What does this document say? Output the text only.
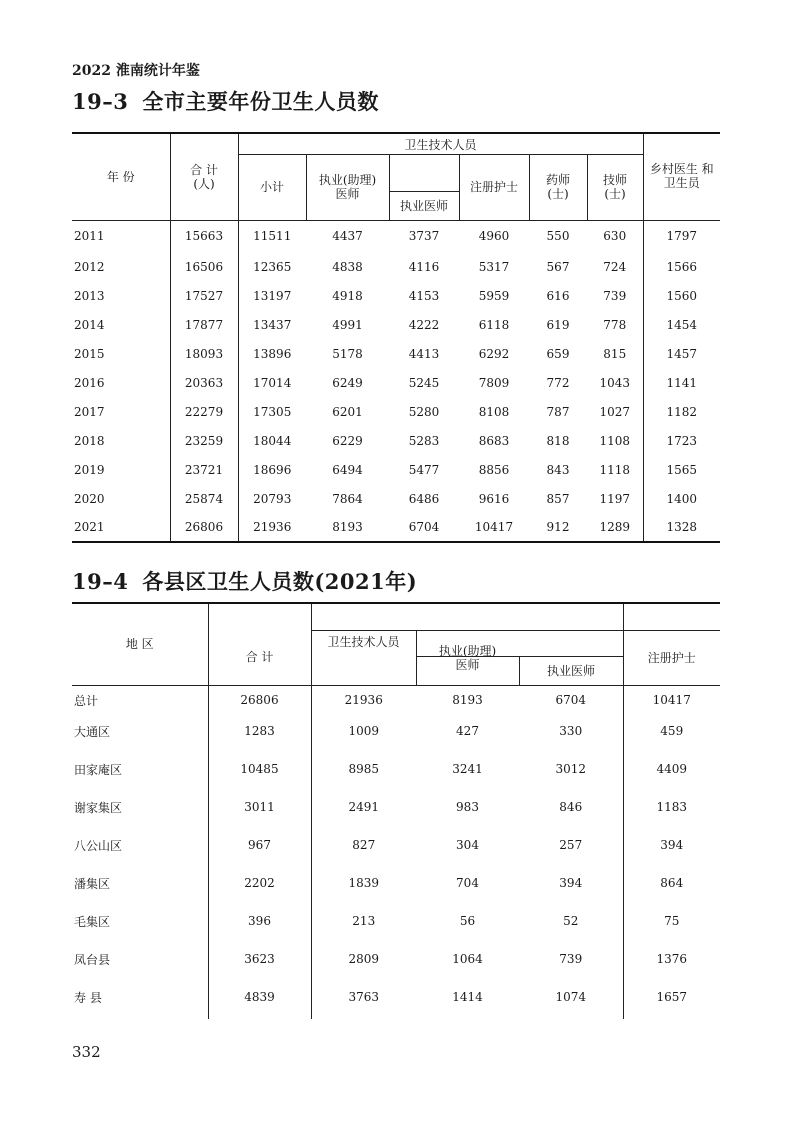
2022 淮南统计年鉴
19–3 全市主要年份卫生人员数
年 份	合 计
(人)	卫生技术人员						乡村医生 和
卫生员
		小计	执业(助理)
医师		注册护士	药师
(士)	技师
(士)	
				执业医师				
2011	15663	11511	4437	3737	4960	550	630	1797
2012	16506	12365	4838	4116	5317	567	724	1566
2013	17527	13197	4918	4153	5959	616	739	1560
2014	17877	13437	4991	4222	6118	619	778	1454
2015	18093	13896	5178	4413	6292	659	815	1457
2016	20363	17014	6249	5245	7809	772	1043	1141
2017	22279	17305	6201	5280	8108	787	1027	1182
2018	23259	18044	6229	5283	8683	818	1108	1723
2019	23721	18696	6494	5477	8856	843	1118	1565
2020	25874	20793	7864	6486	9616	857	1197	1400
2021	26806	21936	8193	6704	10417	912	1289	1328
19–4 各县区卫生人员数(2021年)
地 区	合 计				
		卫生技术人员			注册护士
			执业(助理)
医师	执业医师	
总计	26806	21936	8193	6704	10417
大通区	1283	1009	427	330	459
田家庵区	10485	8985	3241	3012	4409
谢家集区	3011	2491	983	846	1183
八公山区	967	827	304	257	394
潘集区	2202	1839	704	394	864
毛集区	396	213	56	52	75
凤台县	3623	2809	1064	739	1376
寿 县	4839	3763	1414	1074	1657
332
